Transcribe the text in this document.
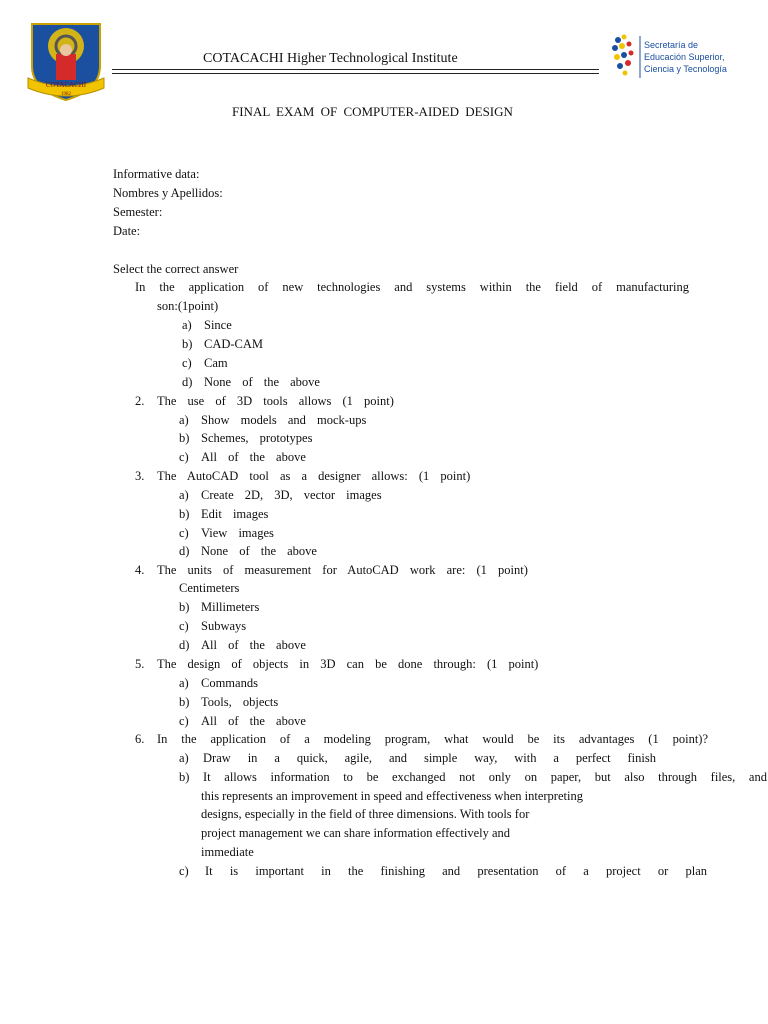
COTACACHI
1982
COTACACHI Higher Technological Institute
Secretaría de
Educación Superior,
Ciencia y Tecnología
FINAL EXAM OF COMPUTER-AIDED DESIGN
Informative data:
Nombres y Apellidos:
Semester:
Date:
Select the correct answer
In the application of new technologies and systems within the field of manufacturing
son:(1point)
a) Since
b) CAD-CAM
c) Cam
d) None of the above
2. The use of 3D tools allows (1 point)
a) Show models and mock-ups
b) Schemes, prototypes
c) All of the above
3. The AutoCAD tool as a designer allows: (1 point)
a) Create 2D, 3D, vector images
b) Edit images
c) View images
d) None of the above
4. The units of measurement for AutoCAD work are: (1 point)
Centimeters
b) Millimeters
c) Subways
d) All of the above
5. The design of objects in 3D can be done through: (1 point)
a) Commands
b) Tools, objects
c) All of the above
6. In the application of a modeling program, what would be its advantages (1 point)?
a) Draw in a quick, agile, and simple way, with a perfect finish
b) It allows information to be exchanged not only on paper, but also through files, and
this represents an improvement in speed and effectiveness when interpreting
designs, especially in the field of three dimensions. With tools for
project management we can share information effectively and
immediate
c) It is important in the finishing and presentation of a project or plan
